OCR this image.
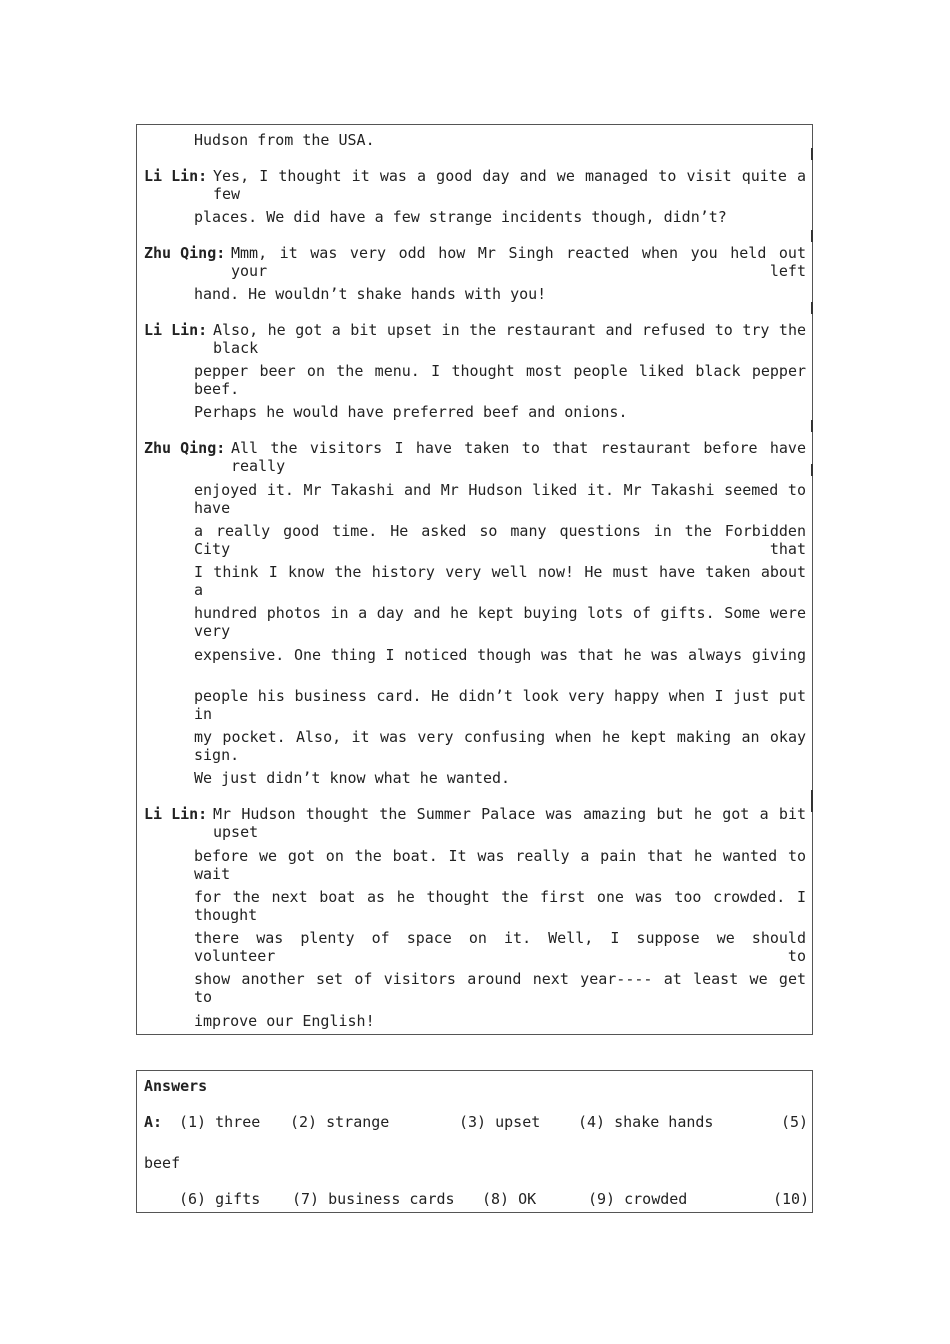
Hudson from the USA.
Li Lin: Yes, I thought it was a good day and we managed to visit quite a few
places. We did have a few strange incidents though, didn’t?
Zhu Qing: Mmm, it was very odd how Mr Singh reacted when you held out your left
hand. He wouldn’t shake hands with you!
Li Lin: Also, he got a bit upset in the restaurant and refused to try the black
pepper beer on the menu. I thought most people liked black pepper beef.
Perhaps he would have preferred beef and onions.
Zhu Qing: All the visitors I have taken to that restaurant before have really
enjoyed it. Mr Takashi and Mr Hudson liked it. Mr Takashi seemed to have
a really good time. He asked so many questions in the Forbidden City that
I think I know the history very well now! He must have taken about a
hundred photos in a day and he kept buying lots of gifts. Some were very
expensive. One thing I noticed though was that he was always giving
people his business card. He didn’t look very happy when I just put in
my pocket. Also, it was very confusing when he kept making an okay sign.
We just didn’t know what he wanted.
Li Lin: Mr Hudson thought the Summer Palace was amazing but he got a bit upset
before we got on the boat. It was really a pain that he wanted to wait
for the next boat as he thought the first one was too crowded. I thought
there was plenty of space on it. Well, I suppose we should volunteer to
show another set of visitors around next year---- at least we get to
improve our English!
Answers
A: (1) three (2) strange	(3) upset	(4) shake hands	(5)
beef
(6) gifts (7) business cards (8) OK	(9) crowded	(10)
